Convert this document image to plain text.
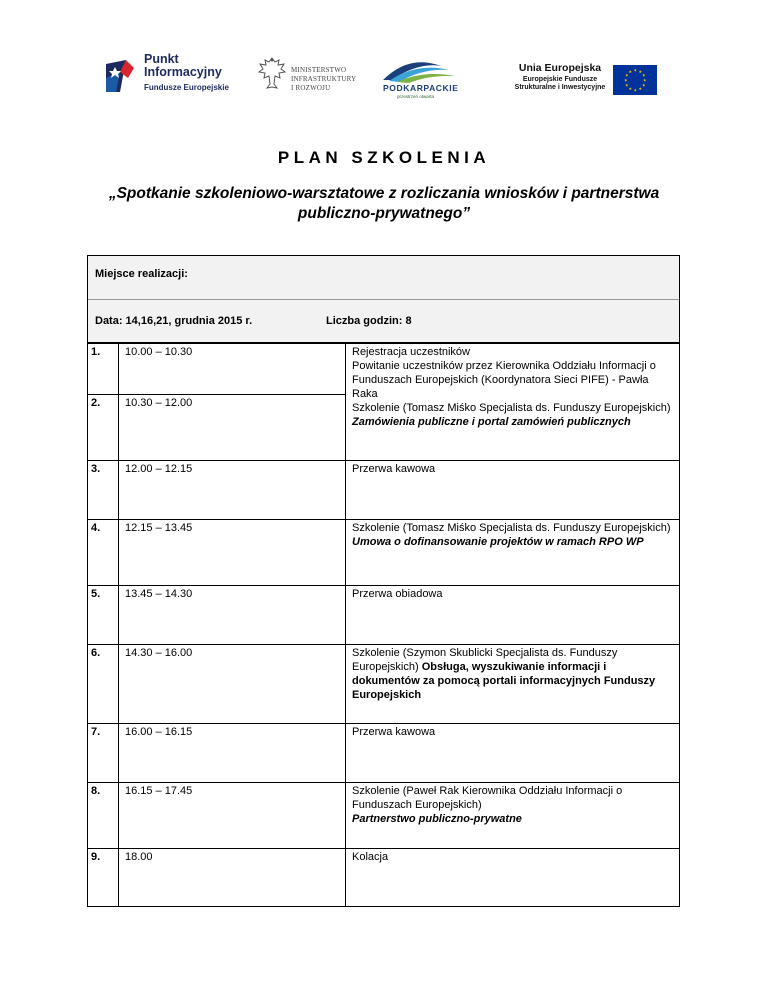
Punkt
Informacyjny
Fundusze Europejskie
MINISTERSTWO
INFRASTRUKTURY
I ROZWOJU	PODKARPACKIE
przestrzeń otwarta
Unia Europejska
Europejskie Fundusze
Strukturalne i Inwestycyjne
★ ★
★
★
★
★
★
★
★
★
★
★
PLAN SZKOLENIA
„Spotkanie szkoleniowo-warsztatowe z rozliczania wniosków i partnerstwa
publiczno-prywatnego”
Miejsce realizacji:
Data: 14,16,21, grudnia 2015 r.	Liczba godzin: 8
1.	10.00 – 10.30	Rejestracja uczestników
Powitanie uczestników przez Kierownika Oddziału Informacji o Funduszach Europejskich (Koordynatora Sieci PIFE) - Pawła Raka
Szkolenie (Tomasz Miśko Specjalista ds. Funduszy Europejskich)
Zamówienia publiczne i portal zamówień publicznych

2.	10.30 – 12.00	
3.	12.00 – 12.15	Przerwa kawowa

4.	12.15 – 13.45	Szkolenie (Tomasz Miśko Specjalista ds. Funduszy Europejskich)
Umowa o dofinansowanie projektów w ramach RPO WP

5.	13.45 – 14.30	Przerwa obiadowa

6.	14.30 – 16.00	Szkolenie (Szymon Skublicki Specjalista ds. Funduszy Europejskich) Obsługa, wyszukiwanie informacji i dokumentów za pomocą portali informacyjnych Funduszy Europejskich
7.	16.00 – 16.15	Przerwa kawowa

8.	16.15 – 17.45	Szkolenie (Paweł Rak Kierownika Oddziału Informacji o Funduszach Europejskich)
Partnerstwo publiczno-prywatne

9.	18.00	Kolacja
